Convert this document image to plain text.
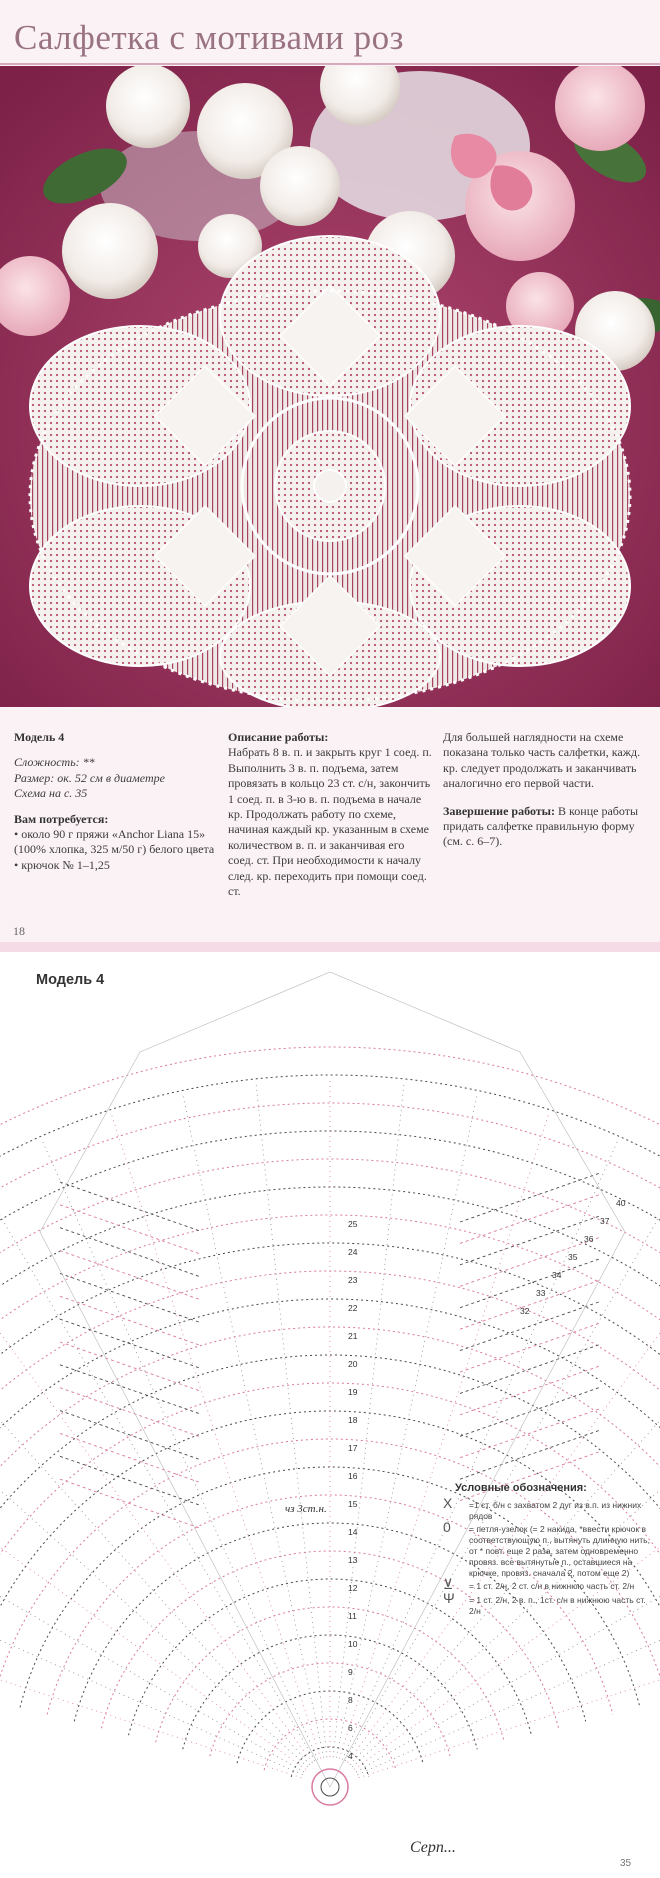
Салфетка с мотивами роз
Модель 4
Сложность: **
Размер: ок. 52 см в диаметре
Схема на с. 35
Вам потребуется:
• около 90 г пряжи «Anchor Liana 15» (100% хлопка, 325 м/50 г) белого цвета
• крючок № 1–1,25
Описание работы:
Набрать 8 в. п. и закрыть круг 1 соед. п. Выполнить 3 в. п. подъема, затем провязать в кольцо 23 ст. с/н, закончить 1 соед. п. в 3-ю в. п. подъема в начале кр. Продолжать работу по схеме, начиная каждый кр. указанным в схеме количеством в. п. и заканчивая его соед. ст. При необходимости к началу след. кр. переходить при помощи соед. ст.
Для большей наглядности на схеме показана только часть салфетки, кажд. кр. следует продолжать и заканчивать аналогично его первой части.
Завершение работы: В конце работы придать салфетке правильную форму (см. с. 6–7).
18
Модель 4
4
6
8
9
10
11
12
13
14
15
16
17
18
19
20
21
22
23
24
25
32
33
34
35
36
37
40
чз 3ст.н.
Серп...
Условные обозначения:
X =1 ст. б/н с захватом 2 дуг из в.п. из нижних рядов
0 = петля-узелок (= 2 накида, *ввести крючок в соответствующую п., вытянуть длинную нить, от * повт. еще 2 раза, затем одновременно провяз. все вытянутые п., оставшиеся на крючке, провяз. сначала 2, потом еще 2)
⊻ = 1 ст. 2/н, 2 ст. с/н в нижнюю часть ст. 2/н
Ψ = 1 ст. 2/н, 2 в. п., 1ст. с/н в нижнюю часть ст. 2/н
35
